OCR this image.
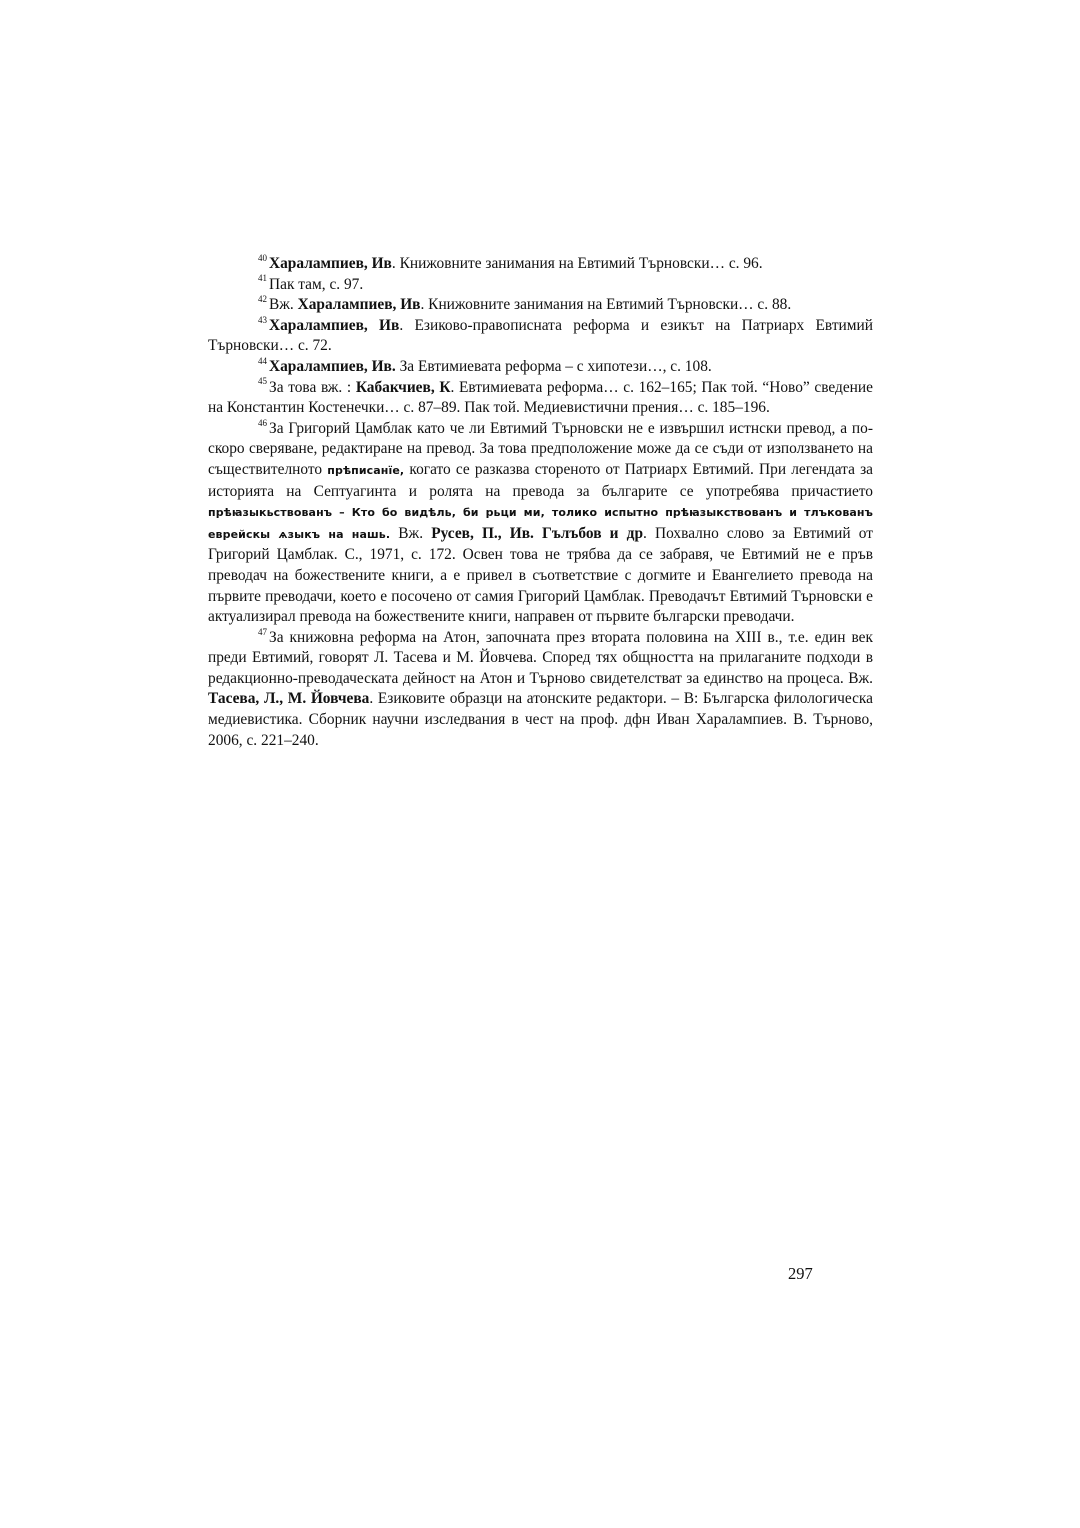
$^{40}$ Харалампиев, Ив. Книжовните занимания на Евтимий Търновски… с. 96.

$^{41}$ Пак там, с. 97.

$^{42}$ Вж. Харалампиев, Ив. Книжовните занимания на Евтимий Търновски… с. 88.

$^{43}$ Харалампиев, Ив. Езиково-правописната реформа и езикът на Патриарх Евтимий Търновски… с. 72.

$^{44}$ Харалампиев, Ив. За Евтимиевата реформа – с хипотези…, с. 108.

$^{45}$ За това вж. : Кабакчиев, К. Евтимиевата реформа… с. 162–165; Пак той. “Ново” сведение на Константин Костенечки… с. 87–89. Пак той. Медиевистични прения… с. 185–196.

$^{46}$ За Григорий Цамблак като че ли Евтимий Търновски не е извършил истнски превод, а по-скоро сверяване, редактиране на превод. За това предположение може да се съди от използването на съществителното прѣписанїе, когато се разказва стореното от Патриарх Евтимий. При легендата за историята на Септуагинта и ролята на превода за българите се употребява причастието прѣꙗзыкьствованъ – Кто бо видѣль, би рьци ми, толико испытно прѣꙗзыкствованъ и тлъкованъ еврейскы ѧзыкъ на нашь. Вж. Русев, П., Ив. Гълъбов и др. Похвално слово за Евтимий от Григорий Цамблак. С., 1971, с. 172. Освен това не трябва да се забравя, че Евтимий не е пръв преводач на божествените книги, а е привел в съответствие с догмите и Евангелието превода на първите преводачи, което е посочено от самия Григорий Цамблак. Преводачът Евтимий Търновски е актуализирал превода на божествените книги, направен от първите български преводачи.

$^{47}$ За книжовна реформа на Атон, започната през втората половина на XIII в., т.е. един век преди Евтимий, говорят Л. Тасева и М. Йовчева. Според тях общността на прилаганите подходи в редакционно-преводаческата дейност на Атон и Търново свидетелстват за единство на процеса. Вж. Тасева, Л., М. Йовчева. Езиковите образци на атонските редактори. – В: Българска филологическа медиевистика. Сборник научни изследвания в чест на проф. дфн Иван Харалампиев. В. Търново, 2006, с. 221–240.

297
